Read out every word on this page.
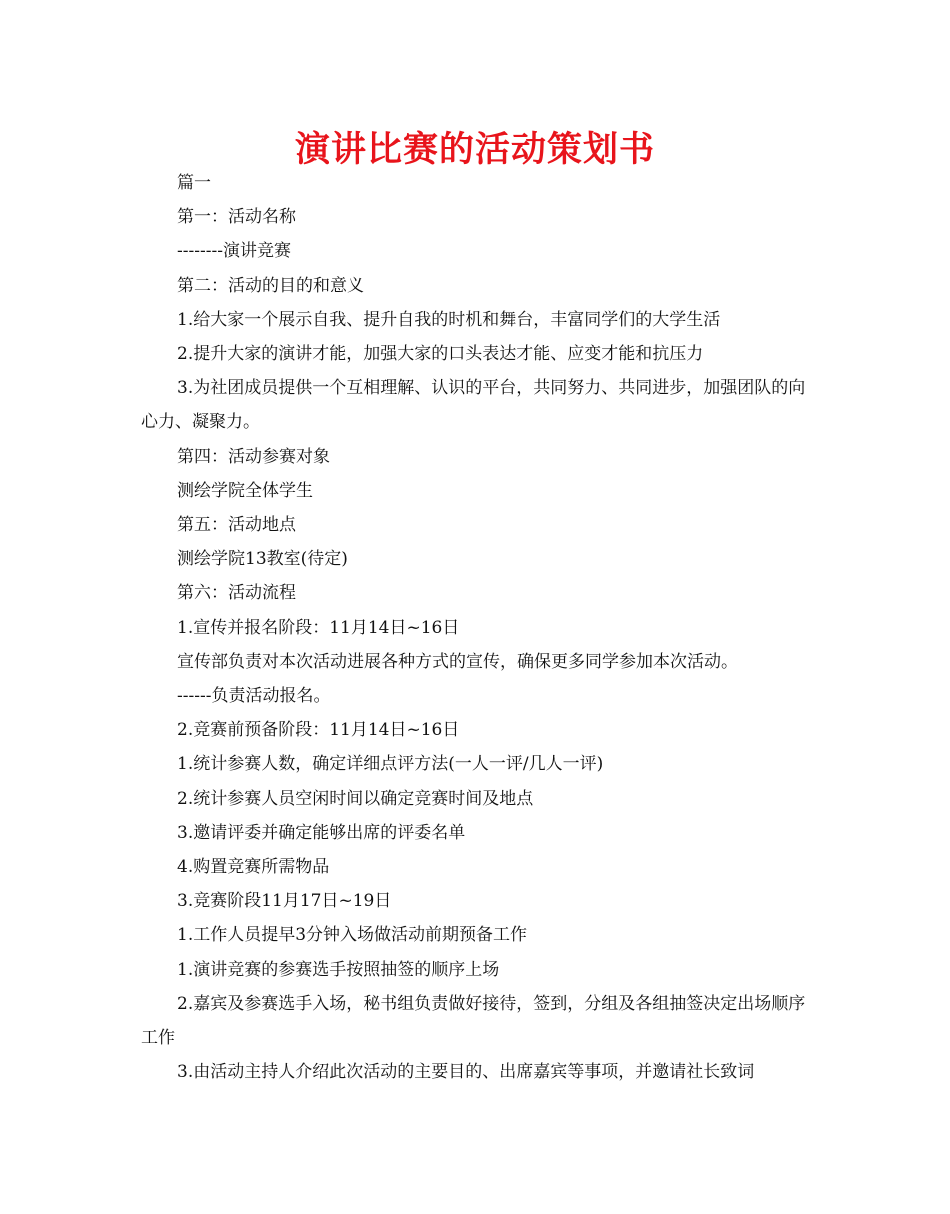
演讲比赛的活动策划书

篇一

第一：活动名称

--------演讲竞赛

第二：活动的目的和意义

1.给大家一个展示自我、提升自我的时机和舞台，丰富同学们的大学生活

2.提升大家的演讲才能，加强大家的口头表达才能、应变才能和抗压力

3.为社团成员提供一个互相理解、认识的平台，共同努力、共同进步，加强团队的向心力、凝聚力。

第四：活动参赛对象

测绘学院全体学生

第五：活动地点

测绘学院13教室(待定)

第六：活动流程

1.宣传并报名阶段：11月14日~16日

宣传部负责对本次活动进展各种方式的宣传，确保更多同学参加本次活动。

------负责活动报名。

2.竞赛前预备阶段：11月14日~16日

1.统计参赛人数，确定详细点评方法(一人一评/几人一评)

2.统计参赛人员空闲时间以确定竞赛时间及地点

3.邀请评委并确定能够出席的评委名单

4.购置竞赛所需物品

3.竞赛阶段11月17日~19日

1.工作人员提早3分钟入场做活动前期预备工作

1.演讲竞赛的参赛选手按照抽签的顺序上场

2.嘉宾及参赛选手入场，秘书组负责做好接待，签到，分组及各组抽签决定出场顺序工作

3.由活动主持人介绍此次活动的主要目的、出席嘉宾等事项，并邀请社长致词
